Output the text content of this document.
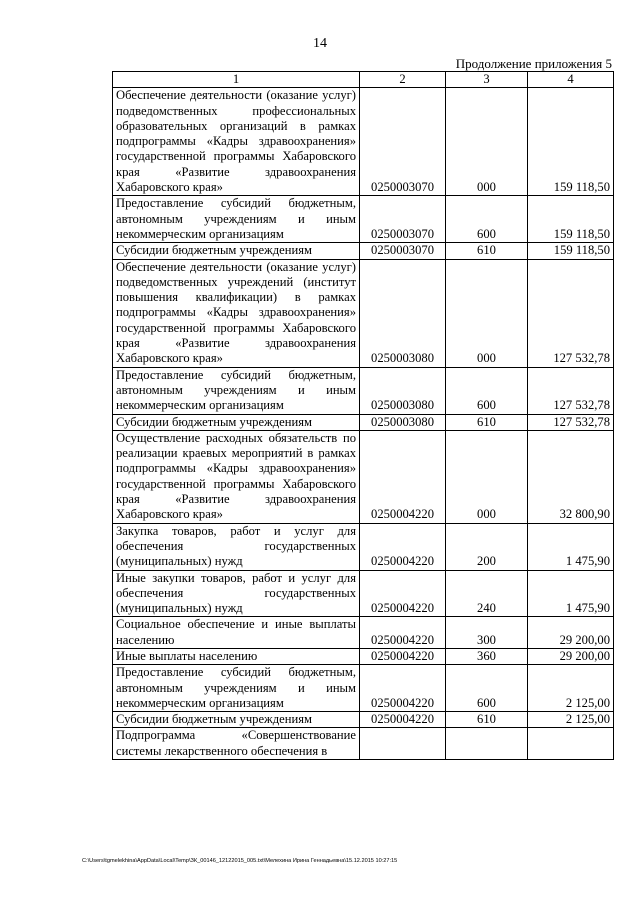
14
Продолжение приложения 5
1	2	3	4
Обеспечение деятельности (оказание услуг) подведомственных профессиональных образовательных организаций в рамках подпрограммы «Кадры здравоохранения» государственной программы Хабаровского края «Развитие здравоохранения Хабаровского края»	0250003070	000	159 118,50
Предоставление субсидий бюджетным, автономным учреждениям и иным некоммерческим организациям	0250003070	600	159 118,50
Субсидии бюджетным учреждениям	0250003070	610	159 118,50
Обеспечение деятельности (оказание услуг) подведомственных учреждений (институт повышения квалификации) в рамках подпрограммы «Кадры здравоохранения» государственной программы Хабаровского края «Развитие здравоохранения Хабаровского края»	0250003080	000	127 532,78
Предоставление субсидий бюджетным, автономным учреждениям и иным некоммерческим организациям	0250003080	600	127 532,78
Субсидии бюджетным учреждениям	0250003080	610	127 532,78
Осуществление расходных обязательств по реализации краевых мероприятий в рамках подпрограммы «Кадры здравоохранения» государственной программы Хабаровского края «Развитие здравоохранения Хабаровского края»	0250004220	000	32 800,90
Закупка товаров, работ и услуг для обеспечения государственных (муниципальных) нужд	0250004220	200	1 475,90
Иные закупки товаров, работ и услуг для обеспечения государственных (муниципальных) нужд	0250004220	240	1 475,90
Социальное обеспечение и иные выплаты населению	0250004220	300	29 200,00
Иные выплаты населению	0250004220	360	29 200,00
Предоставление субсидий бюджетным, автономным учреждениям и иным некоммерческим организациям	0250004220	600	2 125,00
Субсидии бюджетным учреждениям	0250004220	610	2 125,00
Подпрограмма «Совершенствование системы лекарственного обеспечения в			
C:\Users\tgmelekhina\AppData\Local\Temp\ЗК_00146_12122015_005.txt\Мелехина Ирина Геннадьевна\15.12.2015 10:27:15
